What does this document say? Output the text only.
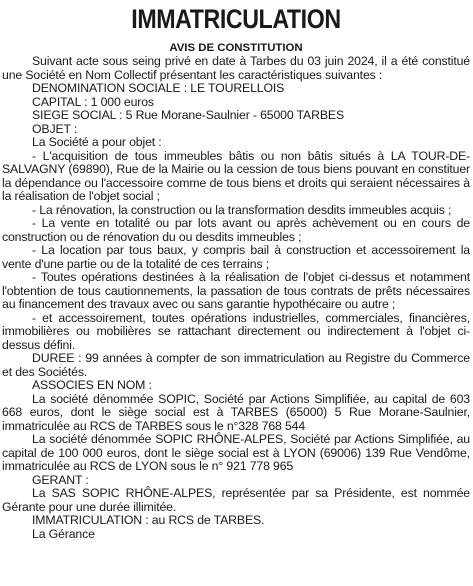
IMMATRICULATION
AVIS DE CONSTITUTION

Suivant acte sous seing privé en date à Tarbes du 03 juin 2024, il a été constitué une Société en Nom Collectif présentant les caractéristiques suivantes :

DENOMINATION SOCIALE : LE TOURELLOIS

CAPITAL : 1 000 euros

SIEGE SOCIAL : 5 Rue Morane-Saulnier - 65000 TARBES

OBJET :

La Société a pour objet :

- L'acquisition de tous immeubles bâtis ou non bâtis situés à LA TOUR-DE-SALVAGNY (69890), Rue de la Mairie ou la cession de tous biens pouvant en constituer la dépendance ou l'accessoire comme de tous biens et droits qui seraient nécessaires à la réalisation de l'objet social ;

- La rénovation, la construction ou la transformation desdits immeubles acquis ;

- La vente en totalité ou par lots avant ou après achèvement ou en cours de construction ou de rénovation du ou desdits immeubles ;

- La location par tous baux, y compris bail à construction et accessoirement la vente d'une partie ou de la totalité de ces terrains ;

- Toutes opérations destinées à la réalisation de l'objet ci-dessus et notamment l'obtention de tous cautionnements, la passation de tous contrats de prêts nécessaires au financement des travaux avec ou sans garantie hypothécaire ou autre ;

- et accessoirement, toutes opérations industrielles, commerciales, financières, immobilières ou mobilières se rattachant directement ou indirectement à l'objet ci-dessus défini.

DUREE : 99 années à compter de son immatriculation au Registre du Commerce et des Sociétés.

ASSOCIES EN NOM :

La société dénommée SOPIC, Société par Actions Simplifiée, au capital de 603 668 euros, dont le siège social est à TARBES (65000) 5 Rue Morane-Saulnier, immatriculée au RCS de TARBES sous le n°328 768 544

La société dénommée SOPIC RHÔNE-ALPES, Société par Actions Simplifiée, au capital de 100 000 euros, dont le siège social est à LYON (69006) 139 Rue Vendôme, immatriculée au RCS de LYON sous le n° 921 778 965

GERANT :

La SAS SOPIC RHÔNE-ALPES, représentée par sa Présidente, est nommée Gérante pour une durée illimitée.

IMMATRICULATION : au RCS de TARBES.

La Gérance
